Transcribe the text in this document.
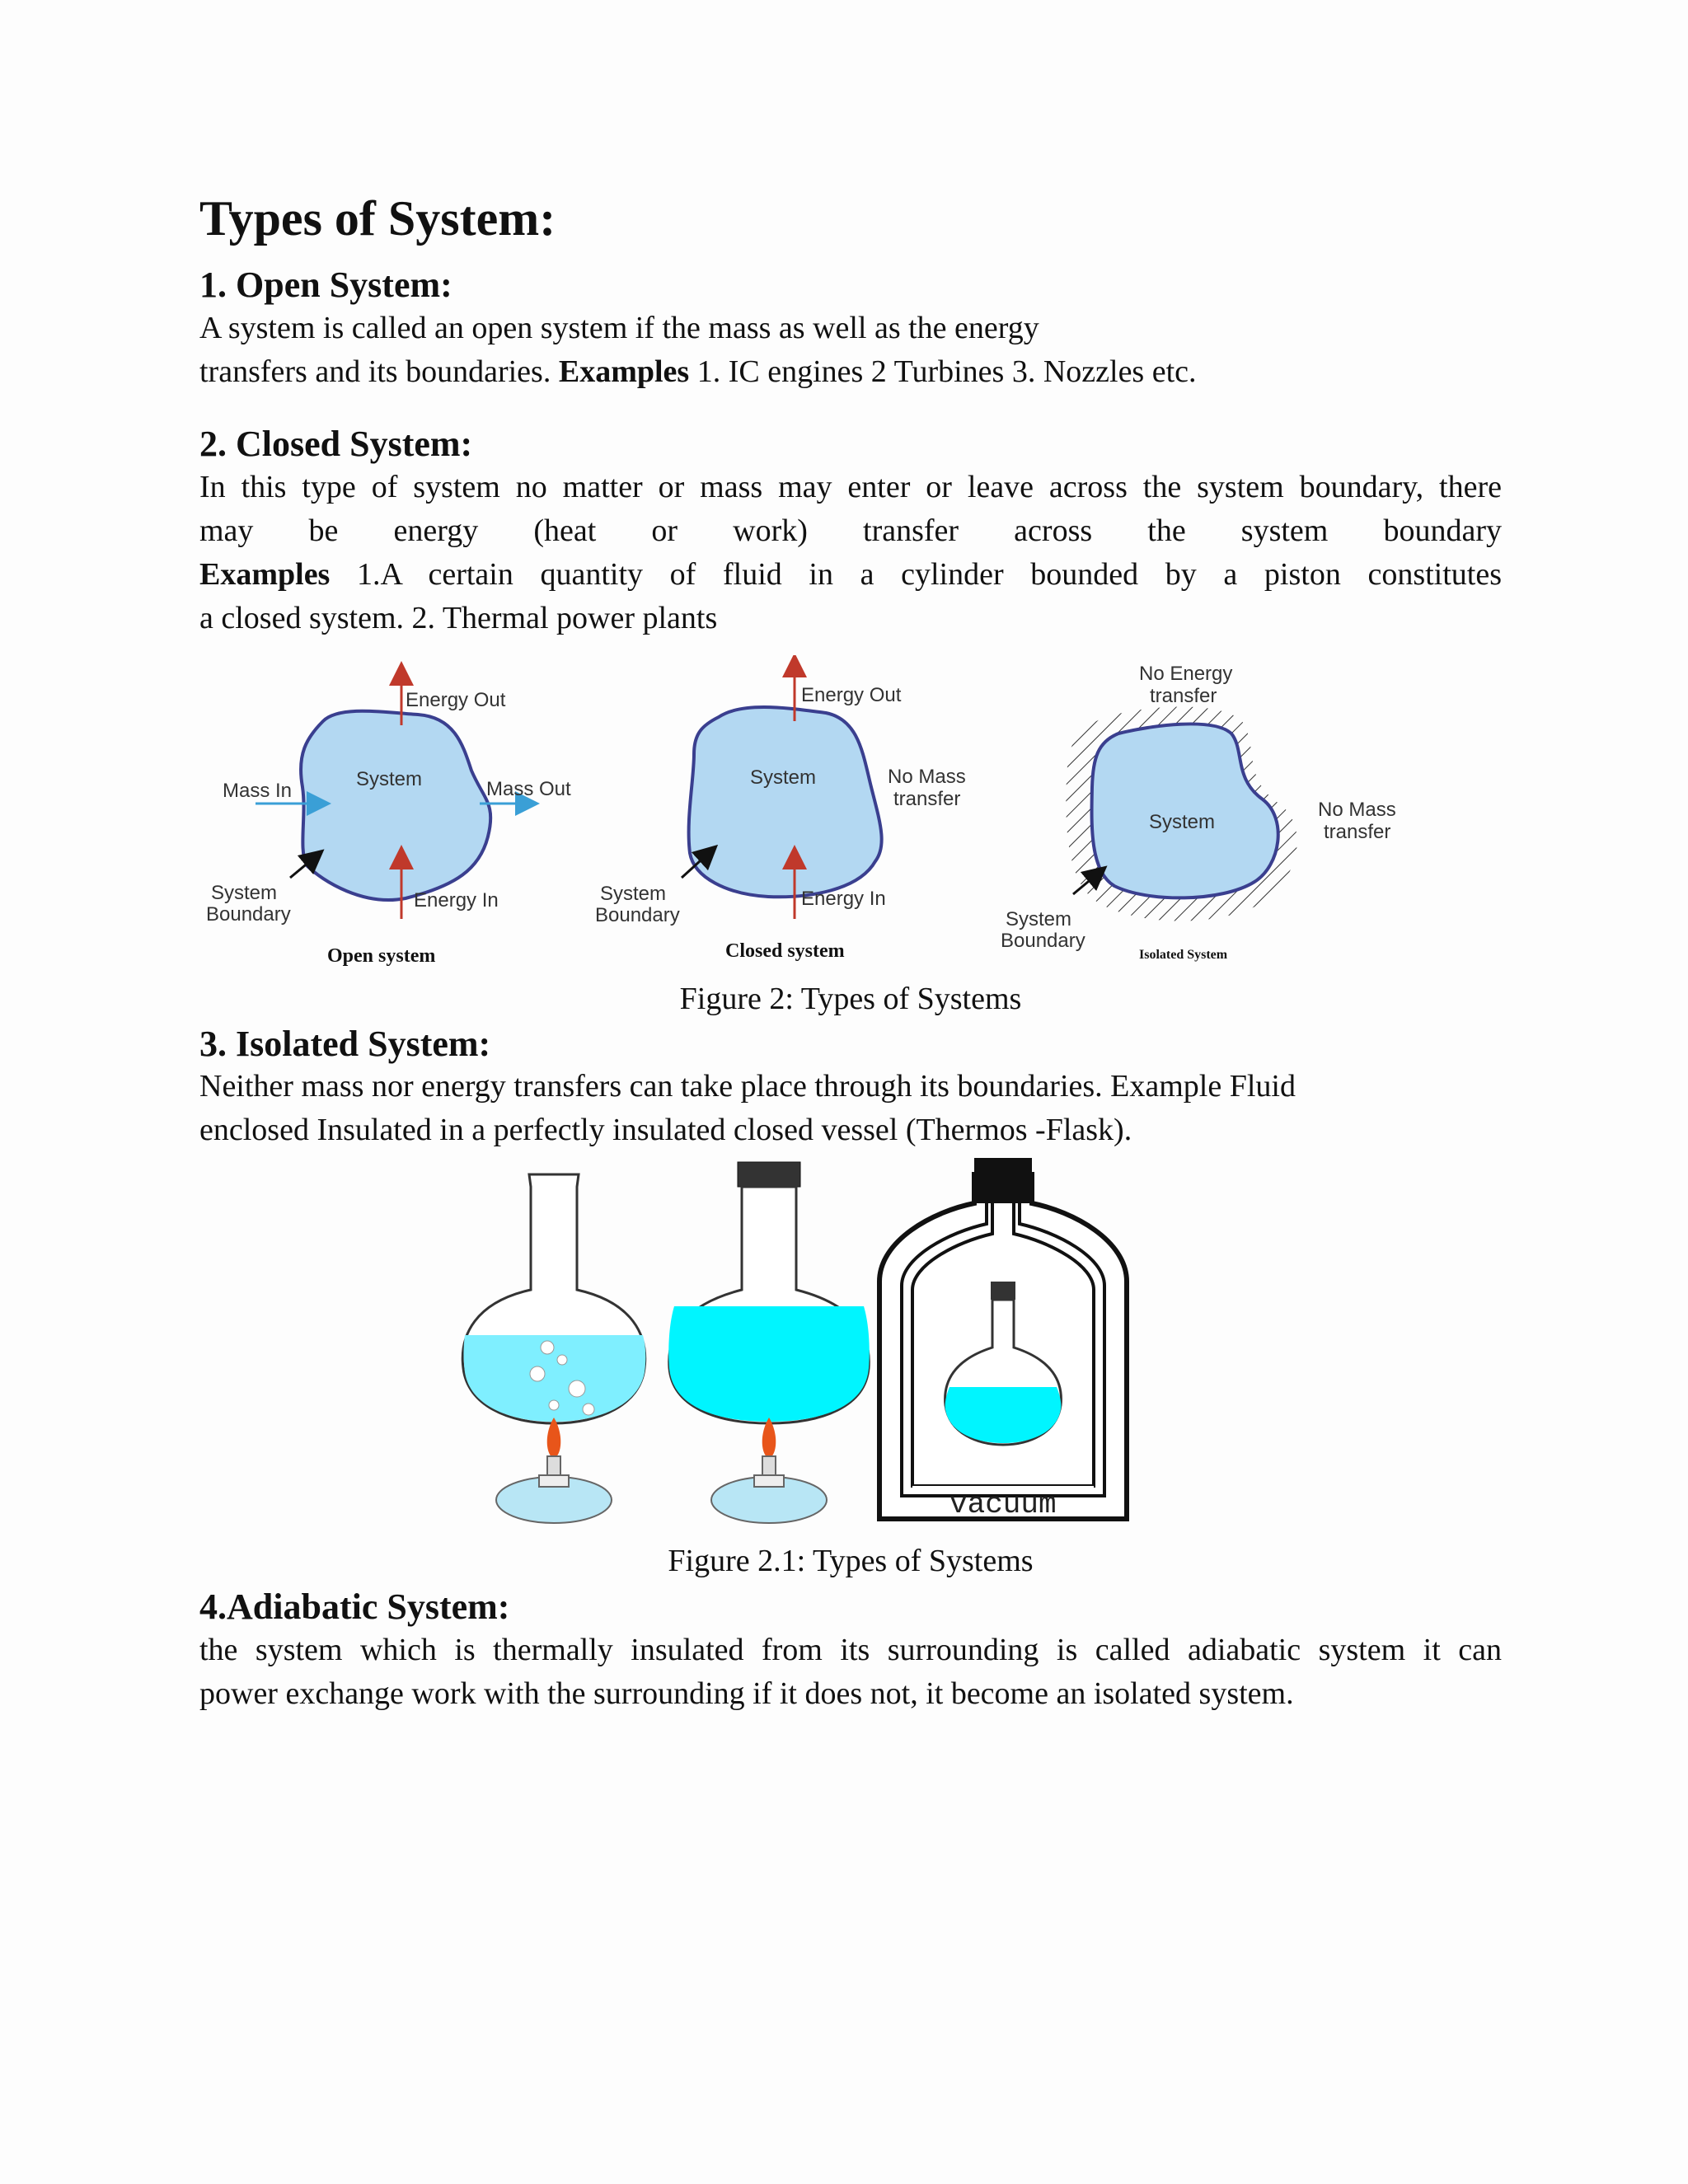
Types of System:
1. Open System:

A system is called an open system if the mass as well as the energy
transfers and its boundaries. Examples 1. IC engines 2 Turbines 3. Nozzles etc.

2. Closed System:

In this type of system no matter or mass may enter or leave across the system boundary, there
may be energy (heat or work) transfer across the system boundary
Examples 1.A certain quantity of fluid in a cylinder bounded by a piston constitutes
a closed system. 2. Thermal power plants

Energy Out
System
Mass In	Mass Out
System
Boundary
Energy In
Open system
Energy Out
System	No Mass
transfer
System
Boundary
Energy In
Closed system
No Energy
transfer
System
No Mass
transfer
System
Boundary
Isolated System
Figure 2: Types of Systems
3. Isolated System:

Neither mass nor energy transfers can take place through its boundaries. Example Fluid
enclosed Insulated in a perfectly insulated closed vessel (Thermos -Flask).

vacuum
Figure 2.1: Types of Systems
4.Adiabatic System:

the system which is thermally insulated from its surrounding is called adiabatic system it can
power exchange work with the surrounding if it does not, it become an isolated system.
